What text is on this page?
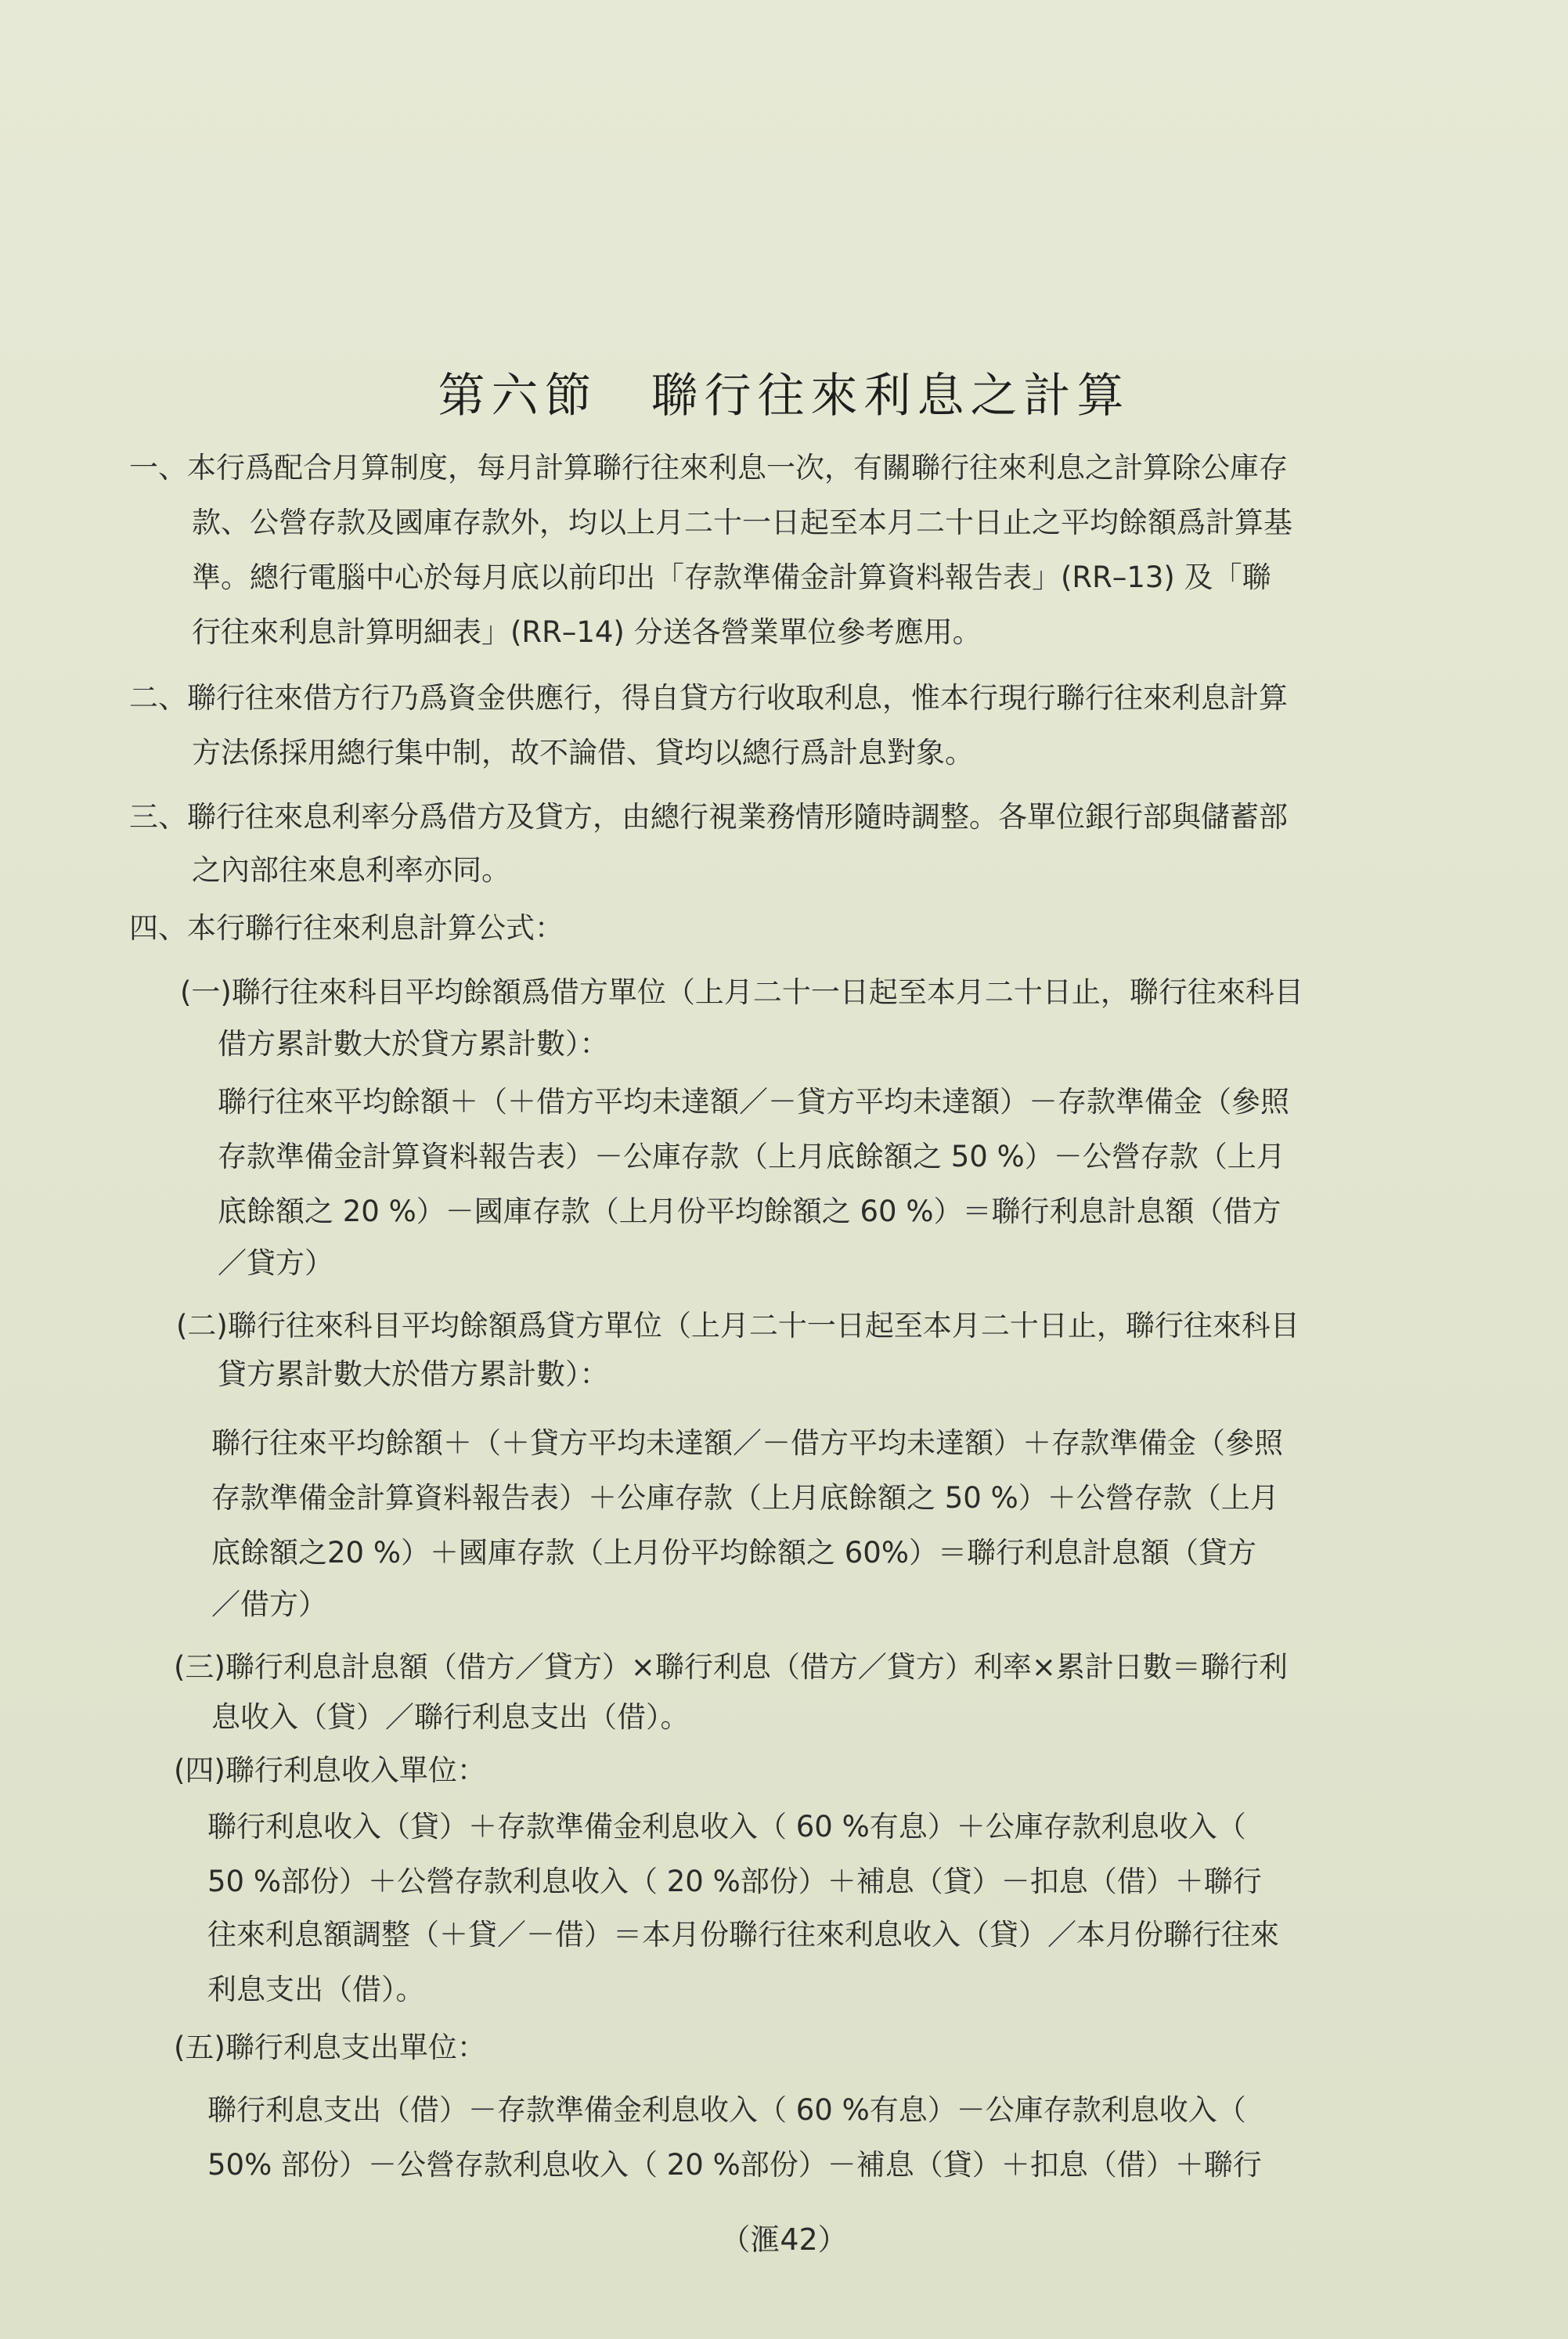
第六節　聯行往來利息之計算
一、本行爲配合月算制度，每月計算聯行往來利息一次，有關聯行往來利息之計算除公庫存
款、公營存款及國庫存款外，均以上月二十一日起至本月二十日止之平均餘額爲計算基
準。總行電腦中心於每月底以前印出「存款準備金計算資料報告表」(RR–13) 及「聯
行往來利息計算明細表」(RR–14) 分送各營業單位參考應用。
二、聯行往來借方行乃爲資金供應行，得自貸方行收取利息，惟本行現行聯行往來利息計算
方法係採用總行集中制，故不論借、貸均以總行爲計息對象。
三、聯行往來息利率分爲借方及貸方，由總行視業務情形隨時調整。各單位銀行部與儲蓄部
之內部往來息利率亦同。
四、本行聯行往來利息計算公式：
(一)聯行往來科目平均餘額爲借方單位（上月二十一日起至本月二十日止，聯行往來科目
借方累計數大於貸方累計數）：
聯行往來平均餘額＋（＋借方平均未達額／－貸方平均未達額）－存款準備金（參照
存款準備金計算資料報告表）－公庫存款（上月底餘額之 50 %）－公營存款（上月
底餘額之 20 %）－國庫存款（上月份平均餘額之 60 %）＝聯行利息計息額（借方
／貸方）
(二)聯行往來科目平均餘額爲貸方單位（上月二十一日起至本月二十日止，聯行往來科目
貸方累計數大於借方累計數）：
聯行往來平均餘額＋（＋貸方平均未達額／－借方平均未達額）＋存款準備金（參照
存款準備金計算資料報告表）＋公庫存款（上月底餘額之 50 %）＋公營存款（上月
底餘額之20 %）＋國庫存款（上月份平均餘額之 60%）＝聯行利息計息額（貸方
／借方）
(三)聯行利息計息額（借方／貸方）×聯行利息（借方／貸方）利率×累計日數＝聯行利
息收入（貸）／聯行利息支出（借）。
(四)聯行利息收入單位：
聯行利息收入（貸）＋存款準備金利息收入（ 60 %有息）＋公庫存款利息收入（
50 %部份）＋公營存款利息收入（ 20 %部份）＋補息（貸）－扣息（借）＋聯行
往來利息額調整（＋貸／－借）＝本月份聯行往來利息收入（貸）／本月份聯行往來
利息支出（借）。
(五)聯行利息支出單位：
聯行利息支出（借）－存款準備金利息收入（ 60 %有息）－公庫存款利息收入（
50% 部份）－公營存款利息收入（ 20 %部份）－補息（貸）＋扣息（借）＋聯行
（滙42）
